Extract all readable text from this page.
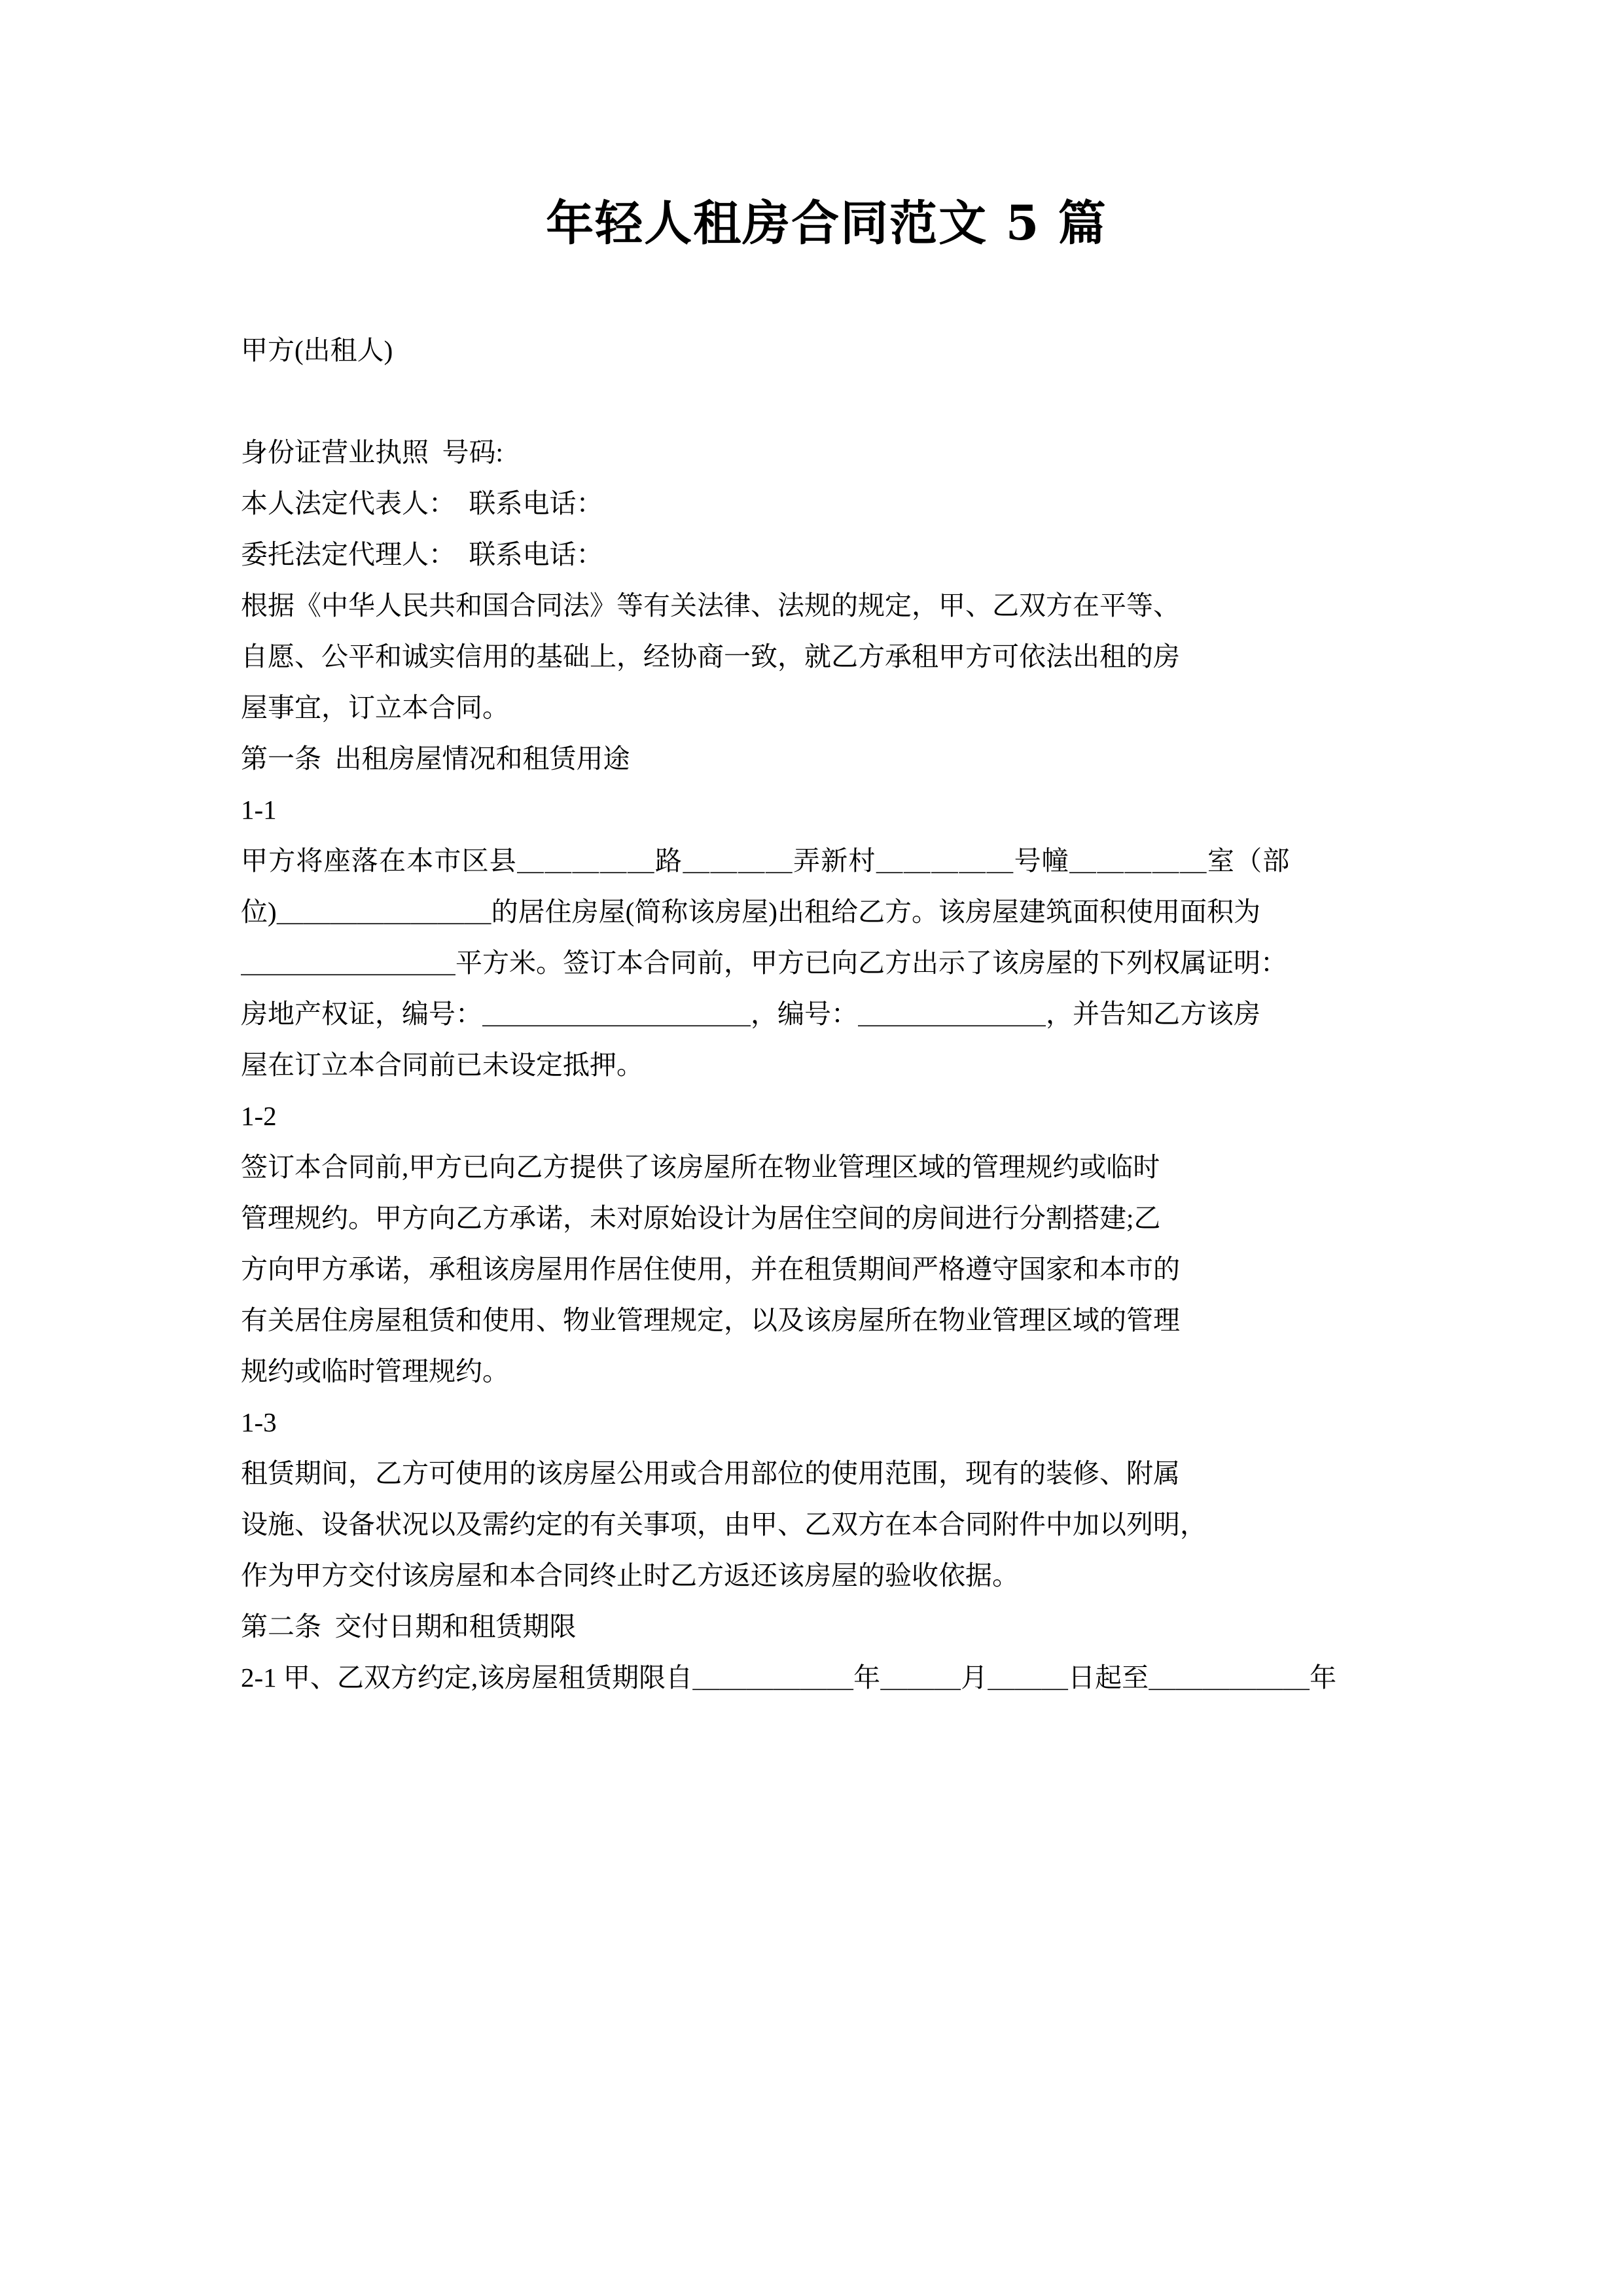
年轻人租房合同范文 5 篇

甲方(出租人)

身份证营业执照  号码:

本人法定代表人：  联系电话：

委托法定代理人：  联系电话：

根据《中华人民共和国合同法》等有关法律、法规的规定，甲、乙双方在平等、

自愿、公平和诚实信用的基础上，经协商一致，就乙方承租甲方可依法出租的房

屋事宜，订立本合同。

第一条  出租房屋情况和租赁用途

1-1

甲方将座落在本市区县＿＿＿＿＿路＿＿＿＿弄新村＿＿＿＿＿号幢＿＿＿＿＿室（部

位)＿＿＿＿＿＿＿＿的居住房屋(简称该房屋)出租给乙方。该房屋建筑面积使用面积为

＿＿＿＿＿＿＿＿平方米。签订本合同前，甲方已向乙方出示了该房屋的下列权属证明：

房地产权证，编号：＿＿＿＿＿＿＿＿＿＿，编号：＿＿＿＿＿＿＿，并告知乙方该房

屋在订立本合同前已未设定抵押。

1-2

签订本合同前,甲方已向乙方提供了该房屋所在物业管理区域的管理规约或临时

管理规约。甲方向乙方承诺，未对原始设计为居住空间的房间进行分割搭建;乙

方向甲方承诺，承租该房屋用作居住使用，并在租赁期间严格遵守国家和本市的

有关居住房屋租赁和使用、物业管理规定，以及该房屋所在物业管理区域的管理

规约或临时管理规约。

1-3

租赁期间，乙方可使用的该房屋公用或合用部位的使用范围，现有的装修、附属

设施、设备状况以及需约定的有关事项，由甲、乙双方在本合同附件中加以列明，

作为甲方交付该房屋和本合同终止时乙方返还该房屋的验收依据。

第二条  交付日期和租赁期限

2-1 甲、乙双方约定,该房屋租赁期限自＿＿＿＿＿＿年＿＿＿月＿＿＿日起至＿＿＿＿＿＿年
